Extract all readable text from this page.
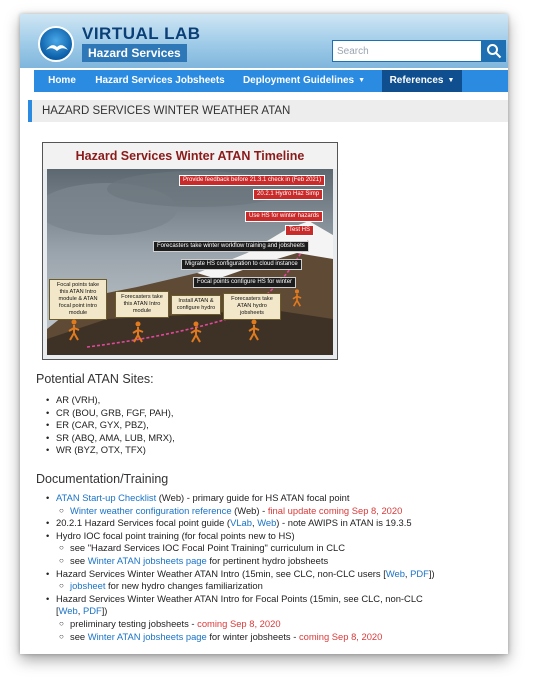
VIRTUAL LAB
Hazard Services
Search
Home	Hazard Services Jobsheets	Deployment Guidelines ▼	References ▼
HAZARD SERVICES WINTER WEATHER ATAN
Hazard Services Winter ATAN Timeline
Provide feedback before 21.3.1 check in (Feb 2021)
20.2.1 Hydro Haz Simp
Use HS for winter hazards
Test HS
Forecasters take winter workflow training and jobsheets
Migrate HS configuration to cloud instance
Focal points configure HS for winter
Focal points take this ATAN Intro module & ATAN focal point intro module
Forecasters take this ATAN Intro module
Install ATAN & configure hydro
Forecasters take ATAN hydro jobsheets
Potential ATAN Sites:
• AR (VRH),
• CR (BOU, GRB, FGF, PAH),
• ER (CAR, GYX, PBZ),
• SR (ABQ, AMA, LUB, MRX),
• WR (BYZ, OTX, TFX)
Documentation/Training
• ATAN Start-up Checklist (Web) - primary guide for HS ATAN focal point
○ Winter weather configuration reference (Web) - final update coming Sep 8, 2020
• 20.2.1 Hazard Services focal point guide (VLab, Web) - note AWIPS in ATAN is 19.3.5
• Hydro IOC focal point training (for focal points new to HS)
○ see "Hazard Services IOC Focal Point Training" curriculum in CLC
○ see Winter ATAN jobsheets page for pertinent hydro jobsheets
• Hazard Services Winter Weather ATAN Intro (15min, see CLC, non-CLC users [Web, PDF])
○ jobsheet for new hydro changes familiarization
• Hazard Services Winter Weather ATAN Intro for Focal Points (15min, see CLC, non-CLC
[Web, PDF])
○ preliminary testing jobsheets - coming Sep 8, 2020
○ see Winter ATAN jobsheets page for winter jobsheets - coming Sep 8, 2020
